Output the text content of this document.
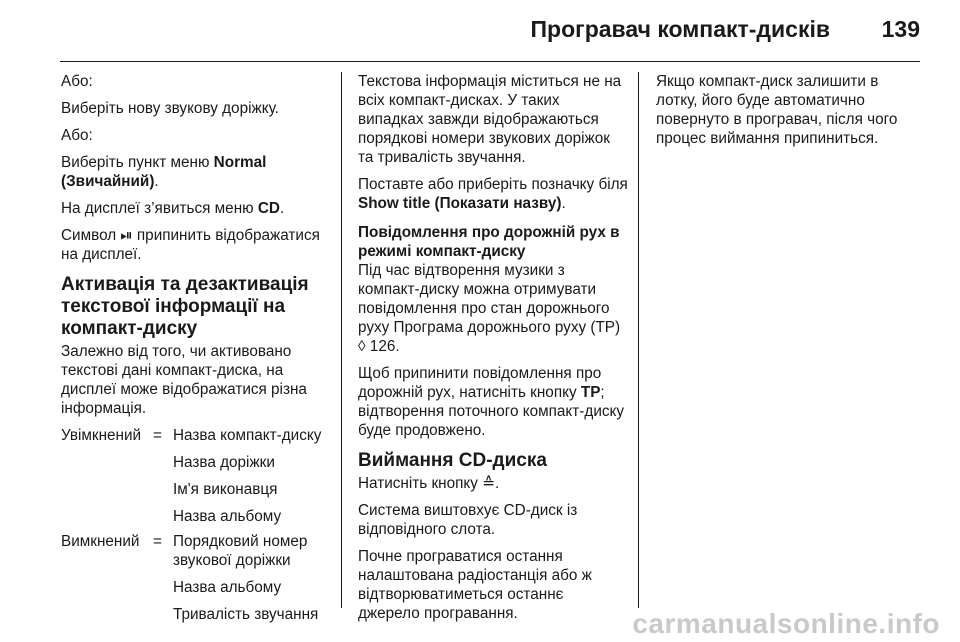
Програвач компакт-дисків 139

Або:

Виберіть нову звукову доріжку.

Або:

Виберіть пункт меню Normal (Звичайний).

На дисплеї з’явиться меню CD.

Символ ⏯ припинить відображатися на дисплеї.

Активація та дезактивація текстової інформації на компакт-диску

Залежно від того, чи активовано текстові дані компакт-диска, на дисплеї може відображатися різна інформація.

Увімкнений = Назва компакт-диску

Назва доріжки

Ім'я виконавця

Назва альбому

Вимкнений = Порядковий номер звукової доріжки

Назва альбому

Тривалість звучання

Текстова інформація міститься не на всіх компакт-дисках. У таких випадках завжди відображаються порядкові номери звукових доріжок та тривалість звучання.

Поставте або приберіть позначку біля Show title (Показати назву).

Повідомлення про дорожній рух в режимі компакт-диску

Під час відтворення музики з компакт-диску можна отримувати повідомлення про стан дорожнього руху Програма дорожнього руху (TP) ◊ 126.

Щоб припинити повідомлення про дорожній рух, натисніть кнопку TP; відтворення поточного компакт-диску буде продовжено.

Виймання CD-диска

Натисніть кнопку ≙.

Система виштовхує CD-диск із відповідного слота.

Почне програватися остання налаштована радіостанція або ж відтворюватиметься останнє джерело програвання.

Якщо компакт-диск залишити в лотку, його буде автоматично повернуто в програвач, після чого процес виймання припиниться.

carmanualsonline.info
